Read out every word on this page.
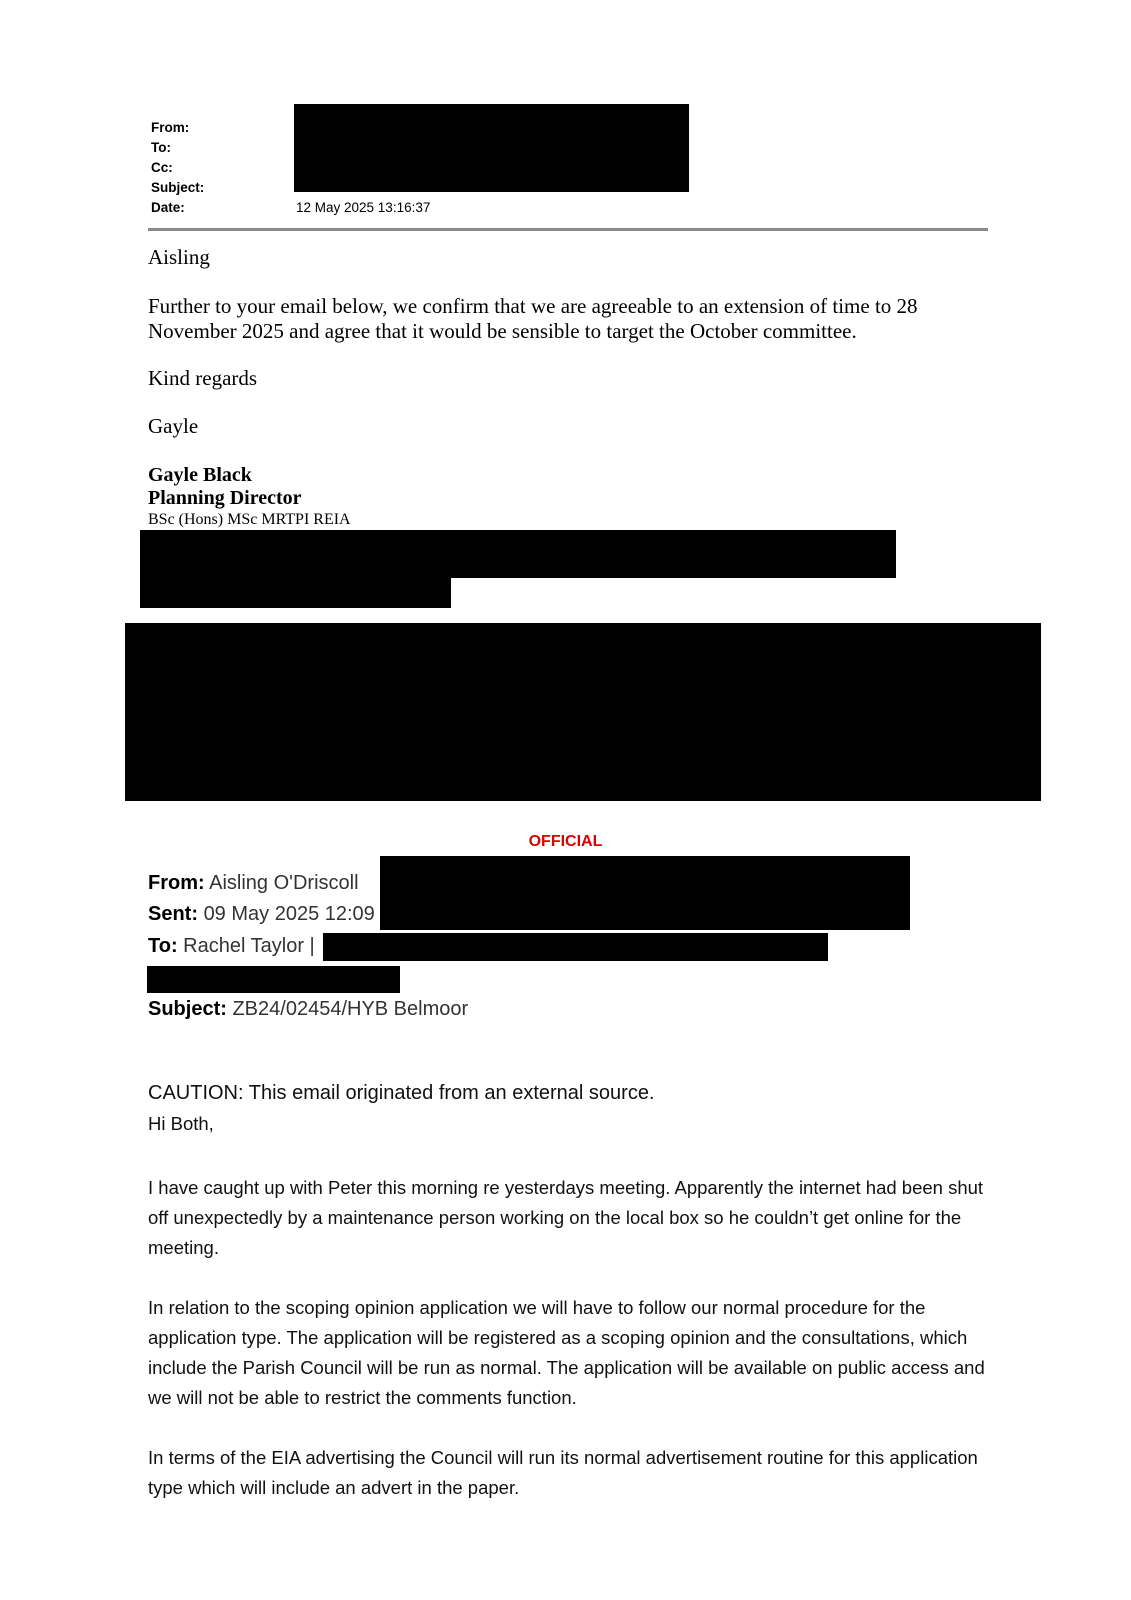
From:
To:
Cc:
Subject:
Date:	12 May 2025 13:16:37
Aisling
Further to your email below, we confirm that we are agreeable to an extension of time to 28 November 2025 and agree that it would be sensible to target the October committee.
Kind regards
Gayle
Gayle Black
Planning Director
BSc (Hons) MSc MRTPI REIA
OFFICIAL
From: Aisling O'Driscoll
Sent: 09 May 2025 12:09
To: Rachel Taylor |
Subject: ZB24/02454/HYB Belmoor
CAUTION: This email originated from an external source.
Hi Both,
I have caught up with Peter this morning re yesterdays meeting. Apparently the internet had been shut off unexpectedly by a maintenance person working on the local box so he couldn’t get online for the meeting.
In relation to the scoping opinion application we will have to follow our normal procedure for the application type. The application will be registered as a scoping opinion and the consultations, which include the Parish Council will be run as normal. The application will be available on public access and we will not be able to restrict the comments function.
In terms of the EIA advertising the Council will run its normal advertisement routine for this application type which will include an advert in the paper.
